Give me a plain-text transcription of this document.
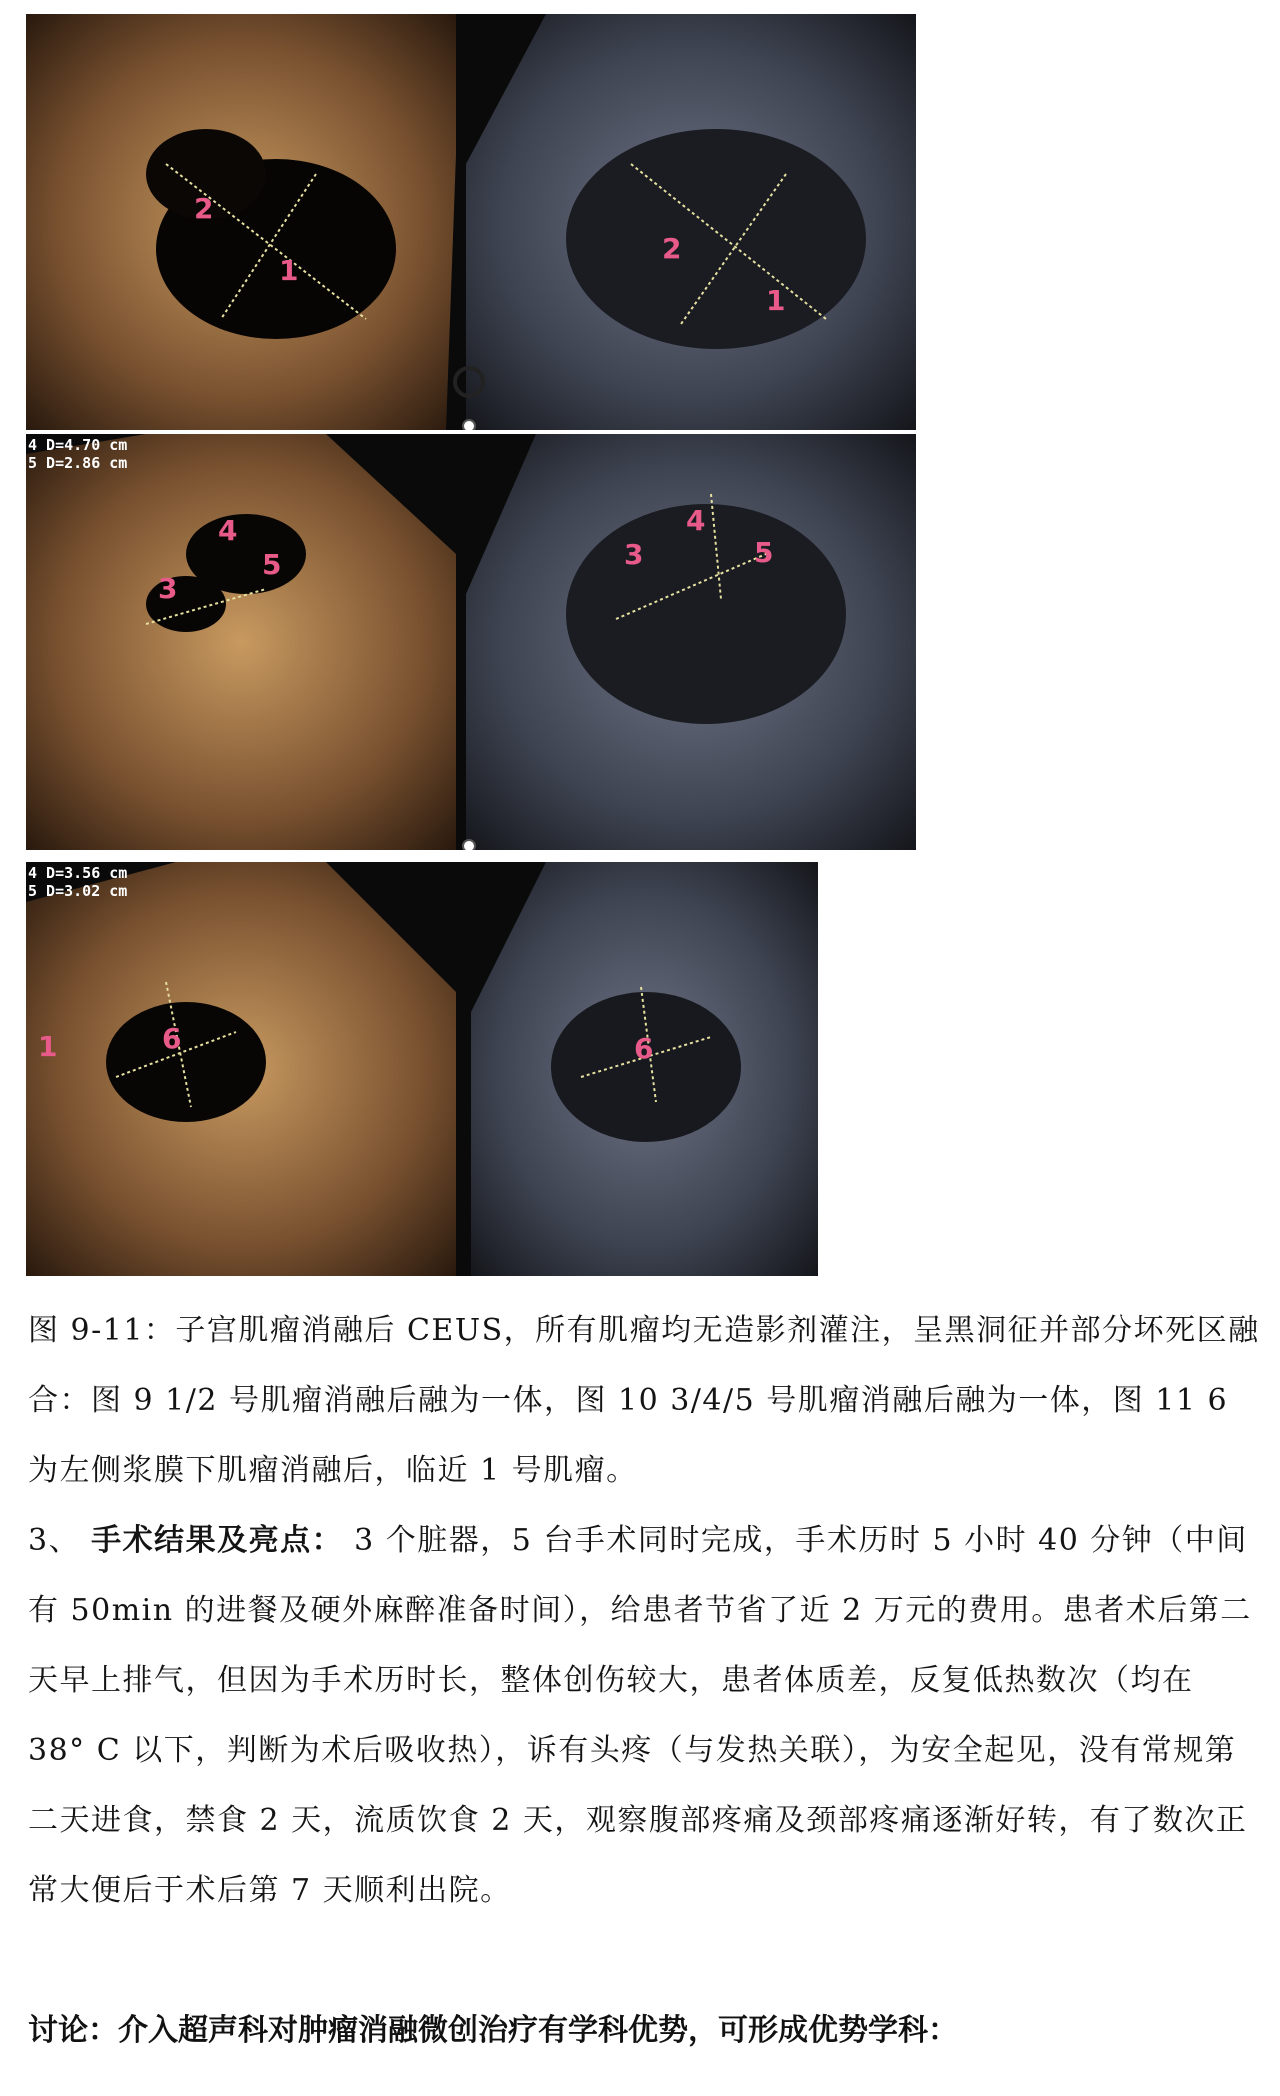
2
1
2
1
4 D=4.70 cm
5 D=2.86 cm
4
3
5
4
3	5
4 D=3.56 cm
5 D=3.02 cm
1	6	6

图 9-11：子宫肌瘤消融后 CEUS，所有肌瘤均无造影剂灌注，呈黑洞征并部分坏死区融合：图 9 1/2 号肌瘤消融后融为一体，图 10 3/4/5 号肌瘤消融后融为一体，图 11 6 为左侧浆膜下肌瘤消融后，临近 1 号肌瘤。

3、 手术结果及亮点： 3 个脏器，5 台手术同时完成，手术历时 5 小时 40 分钟（中间有 50min 的进餐及硬外麻醉准备时间），给患者节省了近 2 万元的费用。患者术后第二天早上排气，但因为手术历时长，整体创伤较大，患者体质差，反复低热数次（均在 38° C 以下，判断为术后吸收热），诉有头疼（与发热关联），为安全起见，没有常规第二天进食，禁食 2 天，流质饮食 2 天，观察腹部疼痛及颈部疼痛逐渐好转，有了数次正常大便后于术后第 7 天顺利出院。

讨论：介入超声科对肿瘤消融微创治疗有学科优势，可形成优势学科：
